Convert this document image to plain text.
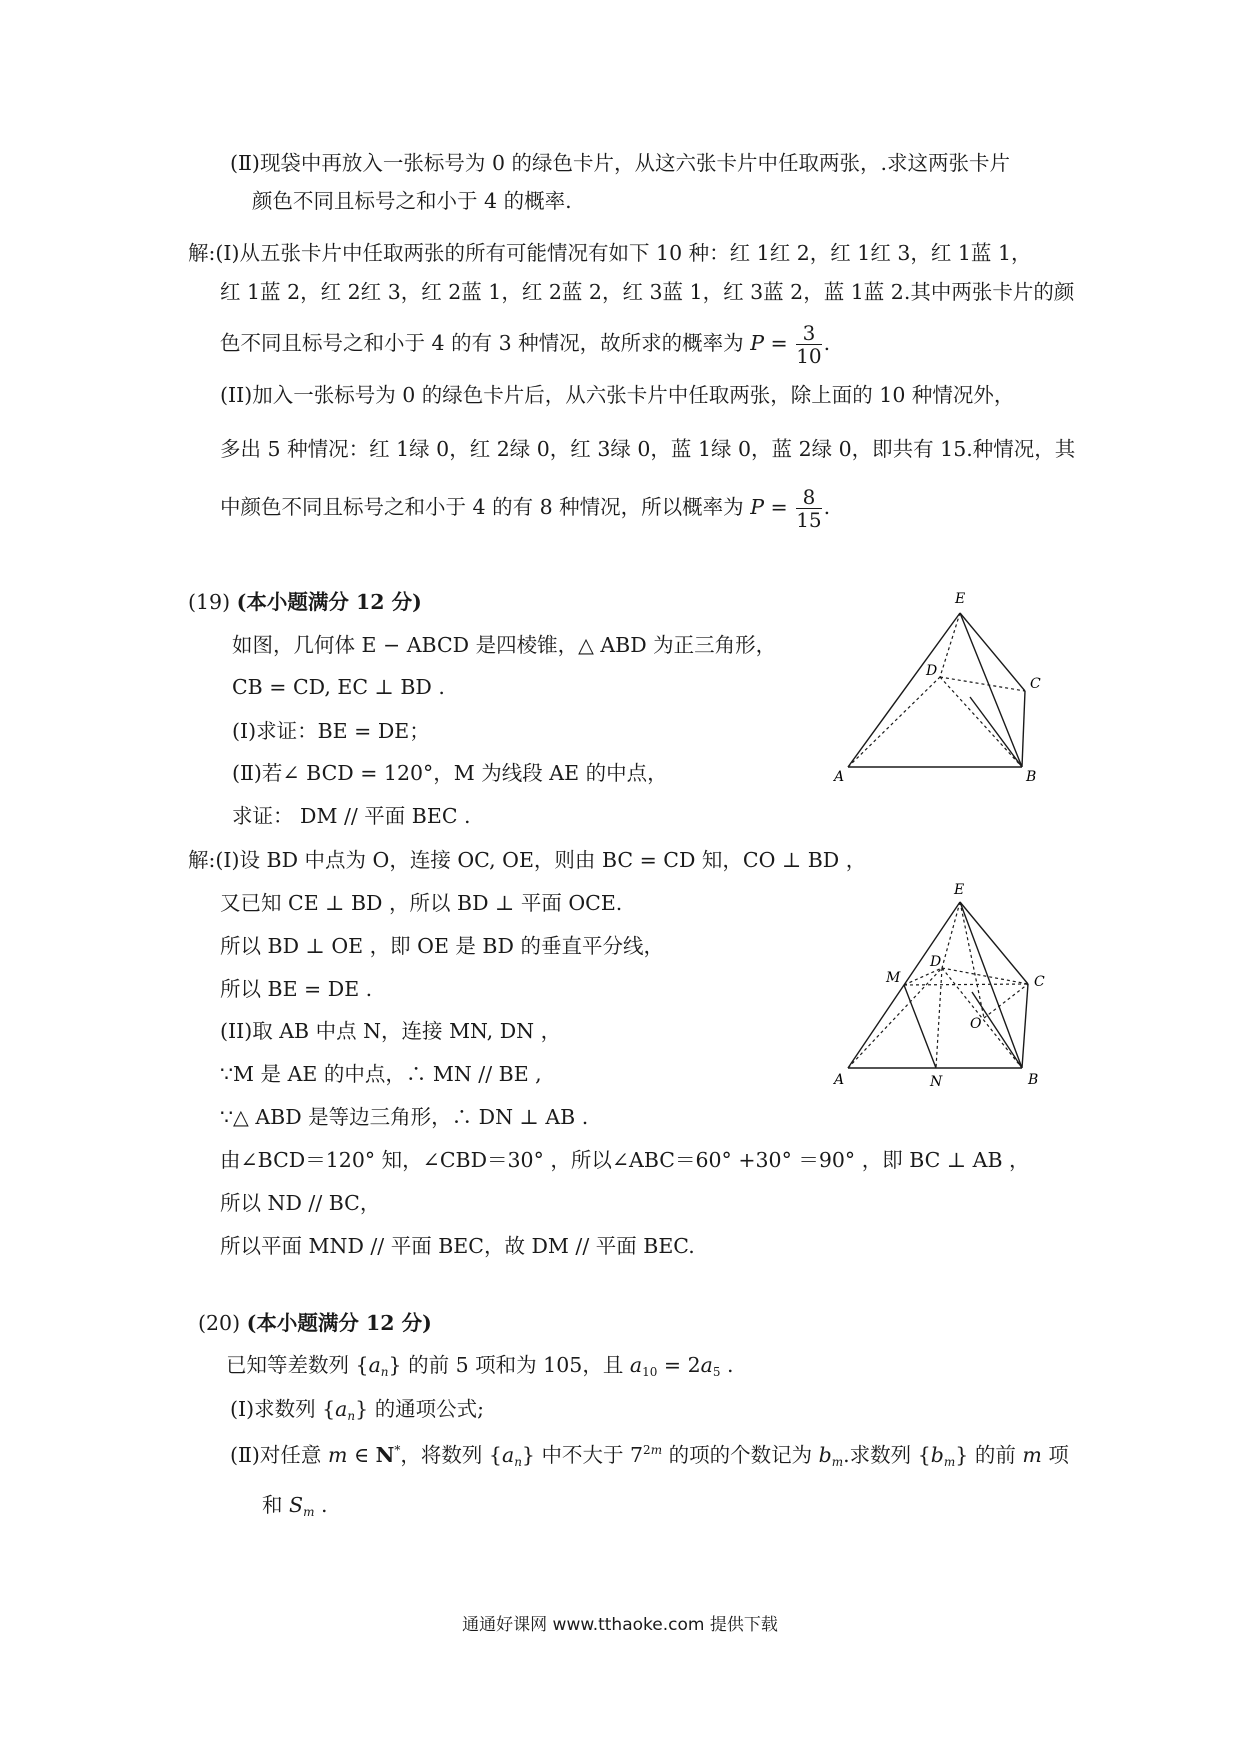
(Ⅱ)现袋中再放入一张标号为 0 的绿色卡片，从这六张卡片中任取两张，.求这两张卡片
颜色不同且标号之和小于 4 的概率.
解:(I)从五张卡片中任取两张的所有可能情况有如下 10 种：红 1红 2，红 1红 3，红 1蓝 1，
红 1蓝 2，红 2红 3，红 2蓝 1，红 2蓝 2，红 3蓝 1，红 3蓝 2，蓝 1蓝 2.其中两张卡片的颜
色不同且标号之和小于 4 的有 3 种情况，故所求的概率为 $P = \frac{3}{10}$ .
(II)加入一张标号为 0 的绿色卡片后，从六张卡片中任取两张，除上面的 10 种情况外，
多出 5 种情况：红 1绿 0，红 2绿 0，红 3绿 0，蓝 1绿 0，蓝 2绿 0，即共有 15.种情况，其
中颜色不同且标号之和小于 4 的有 8 种情况，所以概率为 $P = \frac{8}{15}$ .
(19) (本小题满分 12 分)
如图，几何体 E − ABCD 是四棱锥，△ ABD 为正三角形，
CB = CD, EC ⊥ BD .
(Ⅰ)求证：BE = DE；
(Ⅱ)若∠ BCD = 120°，M 为线段 AE 的中点，
求证： DM // 平面 BEC .
E
D
C
A	B
解:(I)设 BD 中点为 O，连接 OC, OE，则由 BC = CD 知，CO ⊥ BD ，
又已知 CE ⊥ BD ，所以 BD ⊥ 平面 OCE.
所以 BD ⊥ OE ，即 OE 是 BD 的垂直平分线，
所以 BE = DE .
(II)取 AB 中点 N，连接 MN, DN ，
∵M 是 AE 的中点，∴ MN // BE ,
∵△ ABD 是等边三角形，∴ DN ⊥ AB .
由∠BCD＝120° 知，∠CBD＝30° ，所以∠ABC＝60° +30° ＝90° ，即 BC ⊥ AB ，
所以 ND // BC，
所以平面 MND // 平面 BEC，故 DM // 平面 BEC.
E
M
D
C
O
A	N	B
(20) (本小题满分 12 分)
已知等差数列 $\{a_n\}$ 的前 5 项和为 105，且 $a_{10} = 2a_5$ .
(Ⅰ)求数列 $\{a_n\}$ 的通项公式;
(Ⅱ)对任意 m ∈ N*，将数列 $\{a_n\}$ 中不大于 $7^{2m}$ 的项的个数记为 $b_m$.求数列 $\{b_m\}$ 的前 m 项
和 $S_m$ .
通通好课网 www.tthaoke.com 提供下载
